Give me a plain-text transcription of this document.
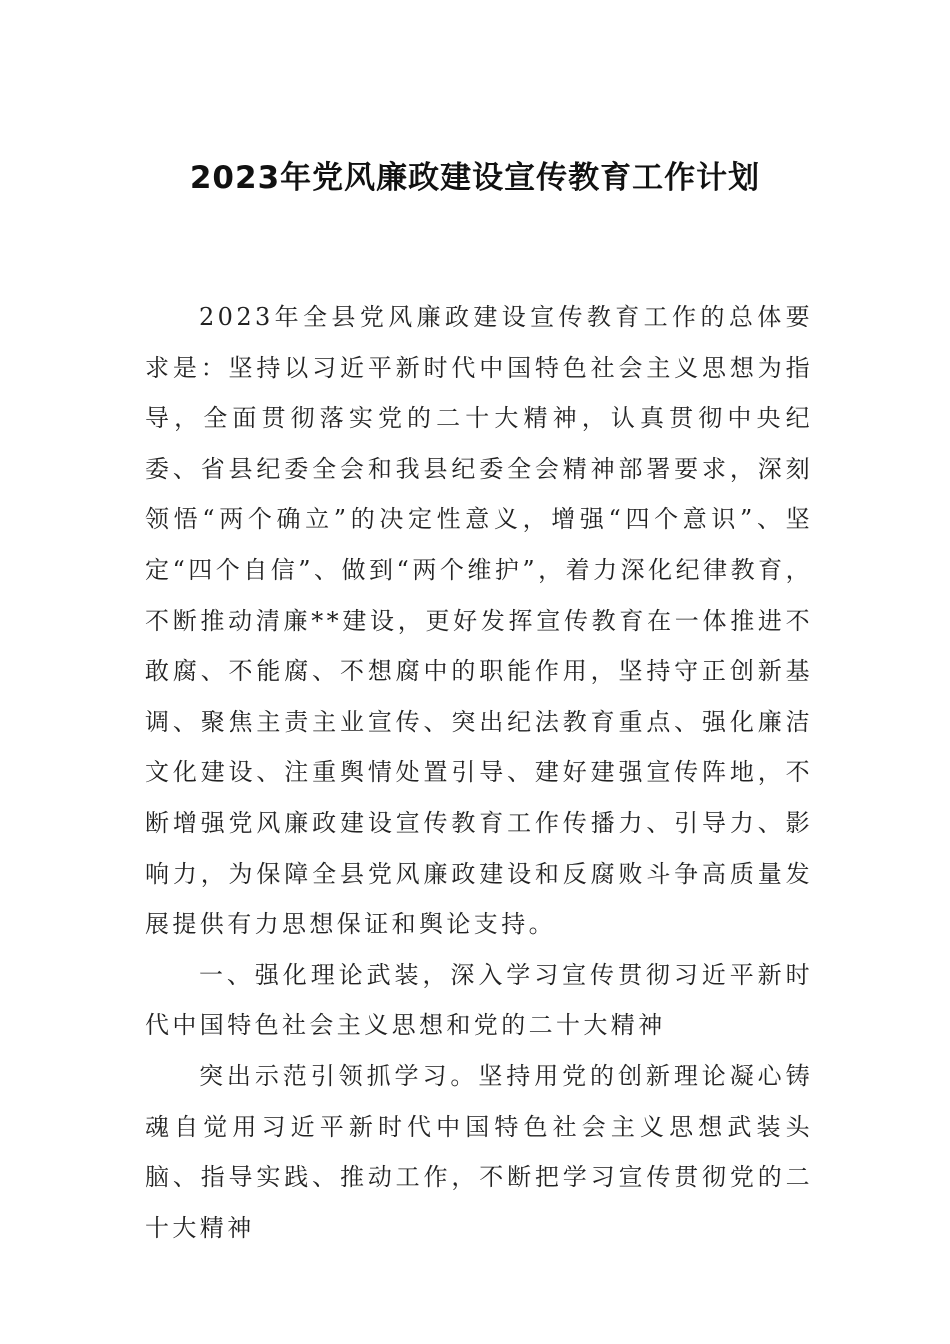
2023年党风廉政建设宣传教育工作计划

2023年全县党风廉政建设宣传教育工作的总体要求是：坚持以习近平新时代中国特色社会主义思想为指导，全面贯彻落实党的二十大精神，认真贯彻中央纪委、省县纪委全会和我县纪委全会精神部署要求，深刻领悟“两个确立”的决定性意义，增强“四个意识”、坚定“四个自信”、做到“两个维护”，着力深化纪律教育，不断推动清廉**建设，更好发挥宣传教育在一体推进不敢腐、不能腐、不想腐中的职能作用，坚持守正创新基调、聚焦主责主业宣传、突出纪法教育重点、强化廉洁文化建设、注重舆情处置引导、建好建强宣传阵地，不断增强党风廉政建设宣传教育工作传播力、引导力、影响力，为保障全县党风廉政建设和反腐败斗争高质量发展提供有力思想保证和舆论支持。

一、强化理论武装，深入学习宣传贯彻习近平新时代中国特色社会主义思想和党的二十大精神

突出示范引领抓学习。坚持用党的创新理论凝心铸魂自觉用习近平新时代中国特色社会主义思想武装头脑、指导实践、推动工作，不断把学习宣传贯彻党的二十大精神
